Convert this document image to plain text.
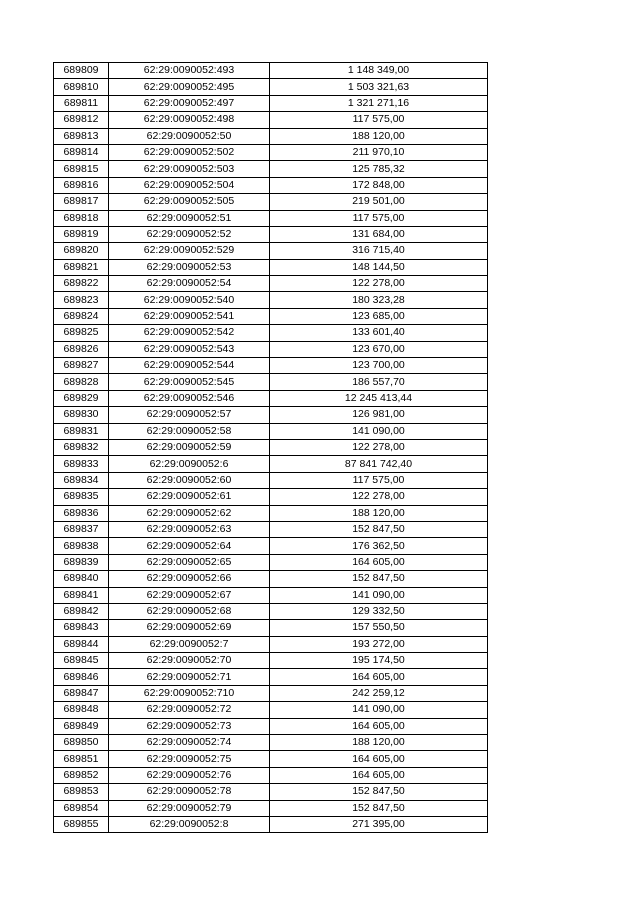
689809	62:29:0090052:493	1 148 349,00
689810	62:29:0090052:495	1 503 321,63
689811	62:29:0090052:497	1 321 271,16
689812	62:29:0090052:498	117 575,00
689813	62:29:0090052:50	188 120,00
689814	62:29:0090052:502	211 970,10
689815	62:29:0090052:503	125 785,32
689816	62:29:0090052:504	172 848,00
689817	62:29:0090052:505	219 501,00
689818	62:29:0090052:51	117 575,00
689819	62:29:0090052:52	131 684,00
689820	62:29:0090052:529	316 715,40
689821	62:29:0090052:53	148 144,50
689822	62:29:0090052:54	122 278,00
689823	62:29:0090052:540	180 323,28
689824	62:29:0090052:541	123 685,00
689825	62:29:0090052:542	133 601,40
689826	62:29:0090052:543	123 670,00
689827	62:29:0090052:544	123 700,00
689828	62:29:0090052:545	186 557,70
689829	62:29:0090052:546	12 245 413,44
689830	62:29:0090052:57	126 981,00
689831	62:29:0090052:58	141 090,00
689832	62:29:0090052:59	122 278,00
689833	62:29:0090052:6	87 841 742,40
689834	62:29:0090052:60	117 575,00
689835	62:29:0090052:61	122 278,00
689836	62:29:0090052:62	188 120,00
689837	62:29:0090052:63	152 847,50
689838	62:29:0090052:64	176 362,50
689839	62:29:0090052:65	164 605,00
689840	62:29:0090052:66	152 847,50
689841	62:29:0090052:67	141 090,00
689842	62:29:0090052:68	129 332,50
689843	62:29:0090052:69	157 550,50
689844	62:29:0090052:7	193 272,00
689845	62:29:0090052:70	195 174,50
689846	62:29:0090052:71	164 605,00
689847	62:29:0090052:710	242 259,12
689848	62:29:0090052:72	141 090,00
689849	62:29:0090052:73	164 605,00
689850	62:29:0090052:74	188 120,00
689851	62:29:0090052:75	164 605,00
689852	62:29:0090052:76	164 605,00
689853	62:29:0090052:78	152 847,50
689854	62:29:0090052:79	152 847,50
689855	62:29:0090052:8	271 395,00
